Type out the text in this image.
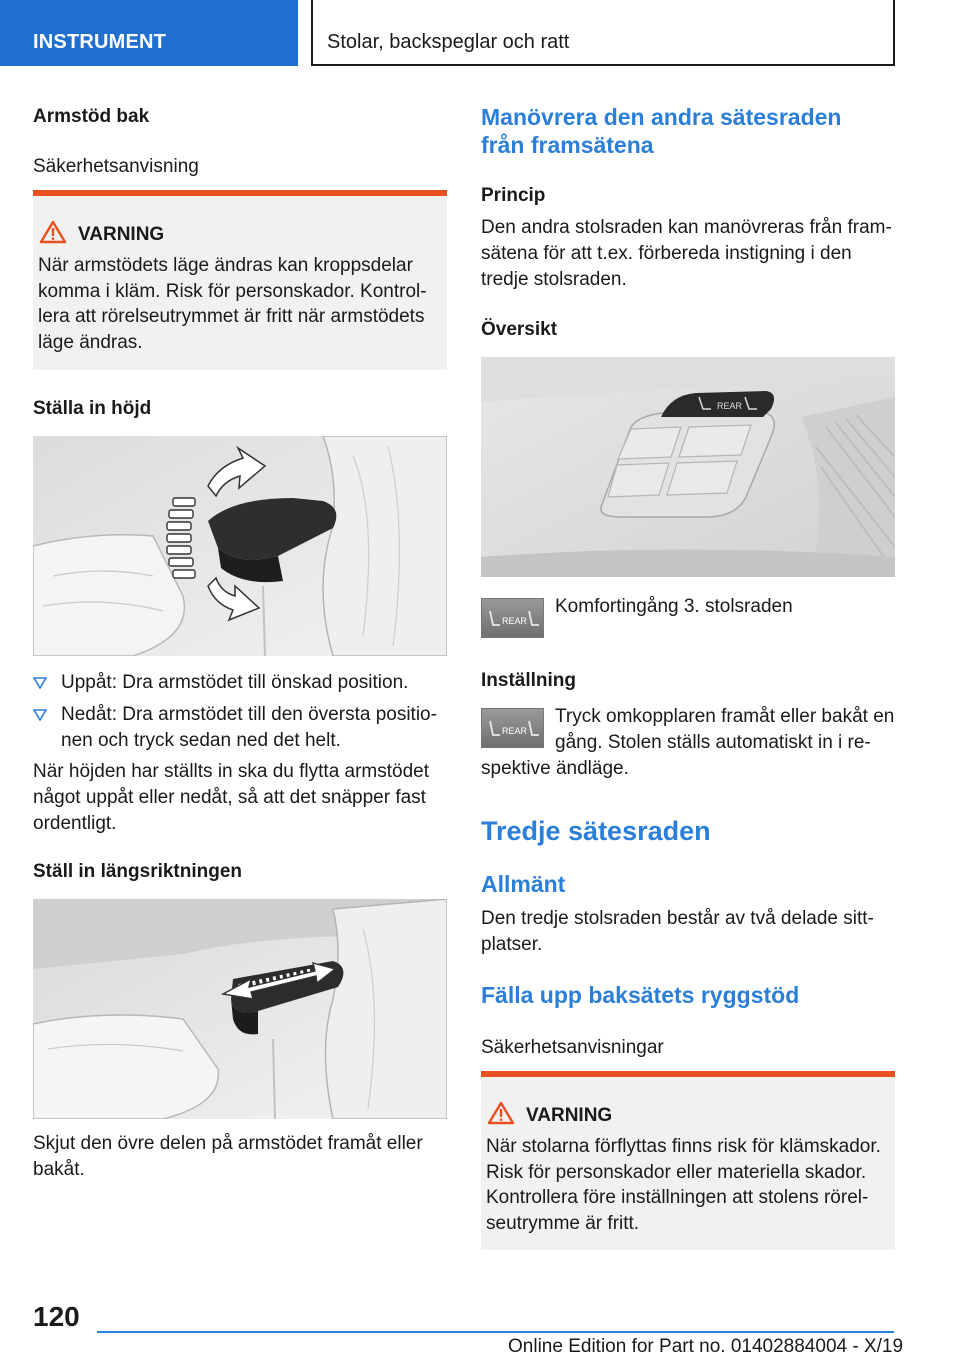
INSTRUMENT	Stolar, backspeglar och ratt
Armstöd bak
Säkerhetsanvisning
VARNING
När armstödets läge ändras kan kroppsdelar
komma i kläm. Risk för personskador. Kontrol-
lera att rörelseutrymmet är fritt när armstödets
läge ändras.
Ställa in höjd
Uppåt: Dra armstödet till önskad position.
Nedåt: Dra armstödet till den översta positio-
nen och tryck sedan ned det helt.
När höjden har ställts in ska du flytta armstödet
något uppåt eller nedåt, så att det snäpper fast
ordentligt.
Ställ in längsriktningen
Skjut den övre delen på armstödet framåt eller
bakåt.
Manövrera den andra sätesraden
från framsätena
Princip
Den andra stolsraden kan manövreras från fram-
sätena för att t.ex. förbereda instigning i den
tredje stolsraden.
Översikt
REAR
REAR
Komfortingång 3. stolsraden
Inställning
REAR
Tryck omkopplaren framåt eller bakåt en
gång. Stolen ställs automatiskt in i re-
spektive ändläge.
Tredje sätesraden
Allmänt
Den tredje stolsraden består av två delade sitt-
platser.
Fälla upp baksätets ryggstöd
Säkerhetsanvisningar
VARNING
När stolarna förflyttas finns risk för klämskador.
Risk för personskador eller materiella skador.
Kontrollera före inställningen att stolens rörel-
seutrymme är fritt.
120
Online Edition for Part no. 01402884004 - X/19
